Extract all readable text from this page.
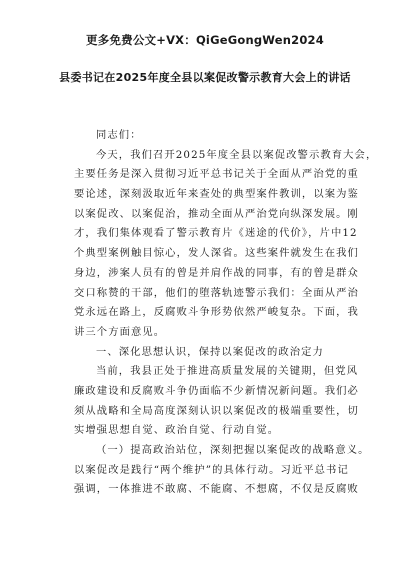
更多免费公文+VX：QiGeGongWen2024
县委书记在2025年度全县以案促改警示教育大会上的讲话
同志们：
今天，我们召开2025年度全县以案促改警示教育大会，
主要任务是深入贯彻习近平总书记关于全面从严治党的重
要论述，深刻汲取近年来查处的典型案件教训，以案为鉴
以案促改、以案促治，推动全面从严治党向纵深发展。刚
才，我们集体观看了警示教育片《迷途的代价》，片中12
个典型案例触目惊心，发人深省。这些案件就发生在我们
身边，涉案人员有的曾是并肩作战的同事，有的曾是群众
交口称赞的干部，他们的堕落轨迹警示我们：全面从严治
党永远在路上，反腐败斗争形势依然严峻复杂。下面，我
讲三个方面意见。
一、深化思想认识，保持以案促改的政治定力
当前，我县正处于推进高质量发展的关键期，但党风
廉政建设和反腐败斗争仍面临不少新情况新问题。我们必
须从战略和全局高度深刻认识以案促改的极端重要性，切
实增强思想自觉、政治自觉、行动自觉。
（一）提高政治站位，深刻把握以案促改的战略意义。
以案促改是践行“两个维护”的具体行动。习近平总书记
强调，一体推进不敢腐、不能腐、不想腐，不仅是反腐败
